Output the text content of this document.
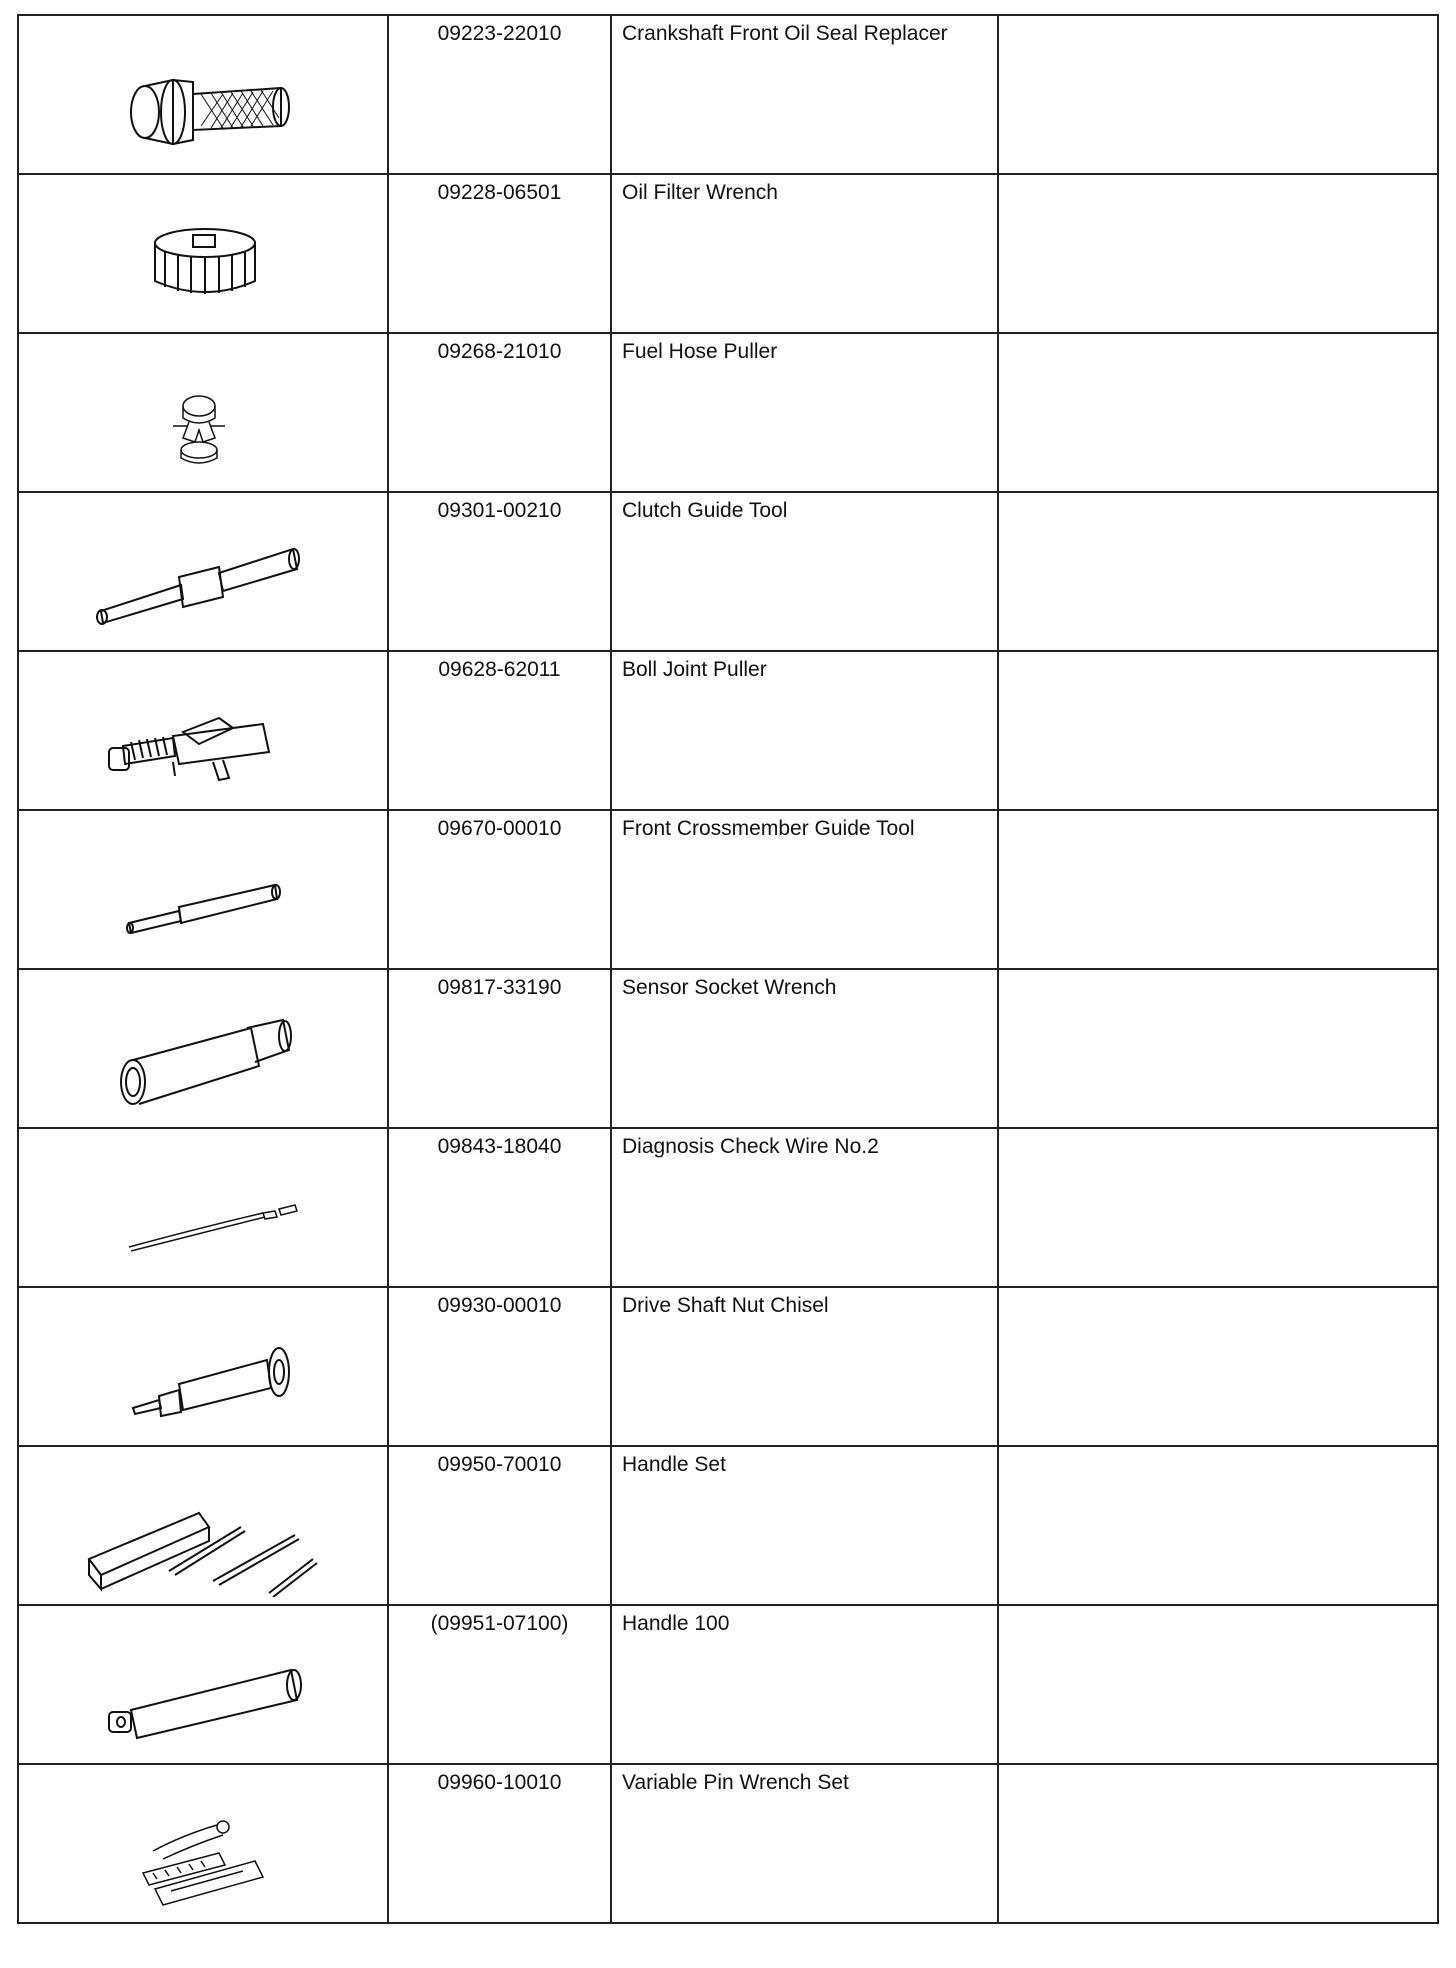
09223-22010	Crankshaft Front Oil Seal Replacer	

09228-06501	Oil Filter Wrench	

09268-21010	Fuel Hose Puller	

09301-00210	Clutch Guide Tool	

09628-62011	Boll Joint Puller	

09670-00010	Front Crossmember Guide Tool	

09817-33190	Sensor Socket Wrench	

09843-18040	Diagnosis Check Wire No.2	

09930-00010	Drive Shaft Nut Chisel	

09950-70010	Handle Set	

(09951-07100)	Handle 100	

09960-10010	Variable Pin Wrench Set	
